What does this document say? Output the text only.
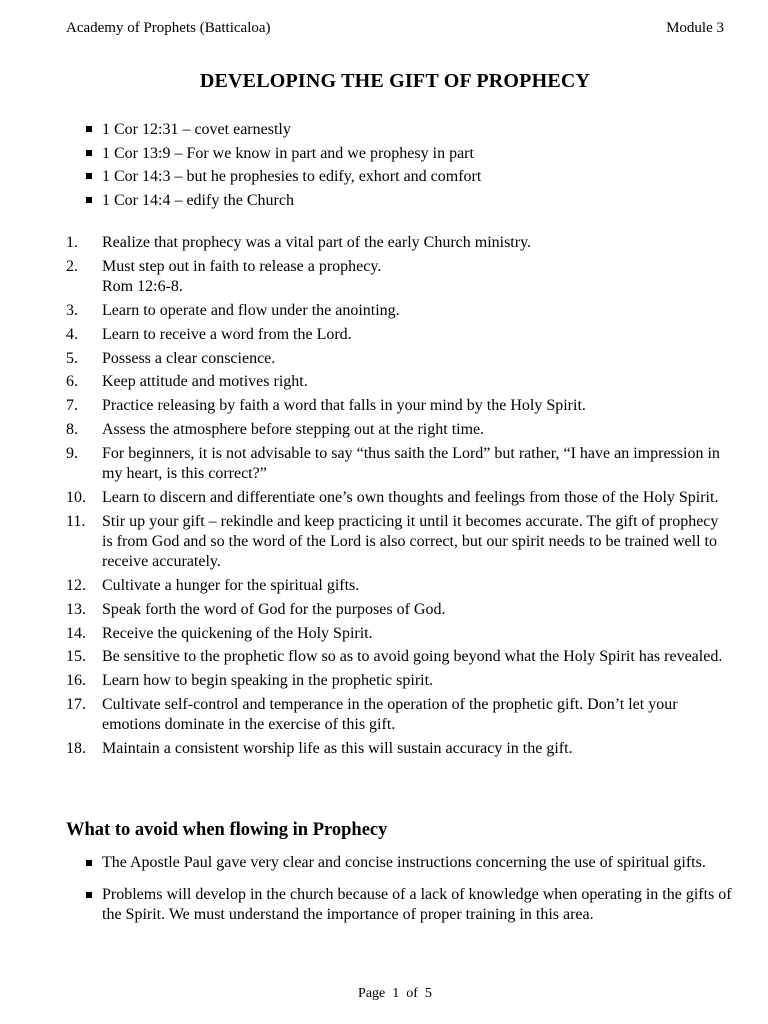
Academy of Prophets (Batticaloa)	Module 3
DEVELOPING THE GIFT OF PROPHECY
1 Cor 12:31 – covet earnestly
1 Cor 13:9 – For we know in part and we prophesy in part
1 Cor 14:3 – but he prophesies to edify, exhort and comfort
1 Cor 14:4 – edify the Church
1.	Realize that prophecy was a vital part of the early Church ministry.
2.	Must step out in faith to release a prophecy.
Rom 12:6-8.
3.	Learn to operate and flow under the anointing.
4.	Learn to receive a word from the Lord.
5.	Possess a clear conscience.
6.	Keep attitude and motives right.
7.	Practice releasing by faith a word that falls in your mind by the Holy Spirit.
8.	Assess the atmosphere before stepping out at the right time.
9.	For beginners, it is not advisable to say “thus saith the Lord” but rather, “I have an impression in my heart, is this correct?”
10.	Learn to discern and differentiate one’s own thoughts and feelings from those of the Holy Spirit.
11.	Stir up your gift – rekindle and keep practicing it until it becomes accurate. The gift of prophecy is from God and so the word of the Lord is also correct, but our spirit needs to be trained well to receive accurately.
12.	Cultivate a hunger for the spiritual gifts.
13.	Speak forth the word of God for the purposes of God.
14.	Receive the quickening of the Holy Spirit.
15.	Be sensitive to the prophetic flow so as to avoid going beyond what the Holy Spirit has revealed.
16.	Learn how to begin speaking in the prophetic spirit.
17.	Cultivate self-control and temperance in the operation of the prophetic gift. Don’t let your emotions dominate in the exercise of this gift.
18.	Maintain a consistent worship life as this will sustain accuracy in the gift.
What to avoid when flowing in Prophecy
The Apostle Paul gave very clear and concise instructions concerning the use of spiritual gifts.
Problems will develop in the church because of a lack of knowledge when operating in the gifts of the Spirit. We must understand the importance of proper training in this area.
Page  1  of  5
